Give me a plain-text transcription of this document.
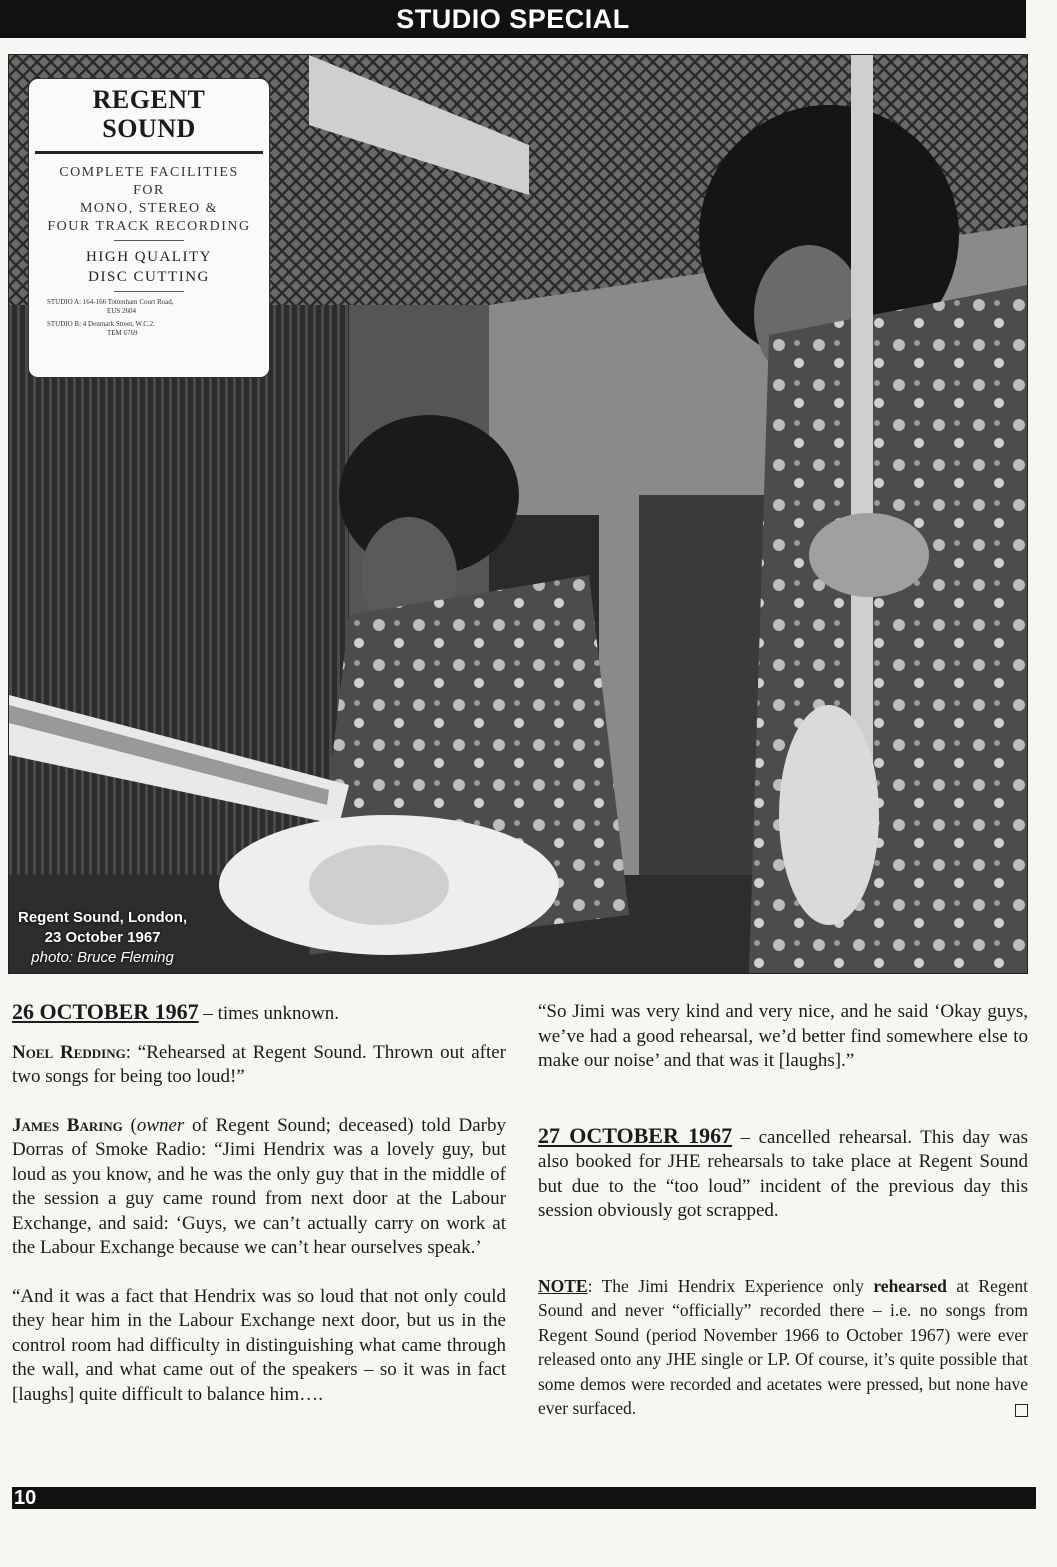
STUDIO SPECIAL
REGENT
SOUND
COMPLETE FACILITIES
FOR
MONO, STEREO &
FOUR TRACK RECORDING
HIGH QUALITY
DISC CUTTING
STUDIO A: 164-166 Tottenham Court Road,
EUS 2604
STUDIO B: 4 Denmark Street, W.C.2.
TEM 6769
Regent Sound, London,
23 October 1967
photo: Bruce Fleming

26 OCTOBER 1967 – times unknown.

Noel Redding: “Rehearsed at Regent Sound. Thrown out after two songs for being too loud!”

James Baring (owner of Regent Sound; deceased) told Darby Dorras of Smoke Radio: “Jimi Hendrix was a lovely guy, but loud as you know, and he was the only guy that in the middle of the session a guy came round from next door at the Labour Exchange, and said: ‘Guys, we can’t actually carry on work at the Labour Exchange because we can’t hear ourselves speak.’

“And it was a fact that Hendrix was so loud that not only could they hear him in the Labour Exchange next door, but us in the control room had difficulty in distinguishing what came through the wall, and what came out of the speakers – so it was in fact [laughs] quite difficult to balance him….

“So Jimi was very kind and very nice, and he said ‘Okay guys, we’ve had a good rehearsal, we’d better find somewhere else to make our noise’ and that was it [laughs].”

27 OCTOBER 1967 – cancelled rehearsal. This day was also booked for JHE rehearsals to take place at Regent Sound but due to the “too loud” incident of the previous day this session obviously got scrapped.

NOTE: The Jimi Hendrix Experience only rehearsed at Regent Sound and never “officially” recorded there – i.e. no songs from Regent Sound (period November 1966 to October 1967) were ever released onto any JHE single or LP. Of course, it’s quite possible that some demos were recorded and acetates were pressed, but none have ever surfaced.

10
